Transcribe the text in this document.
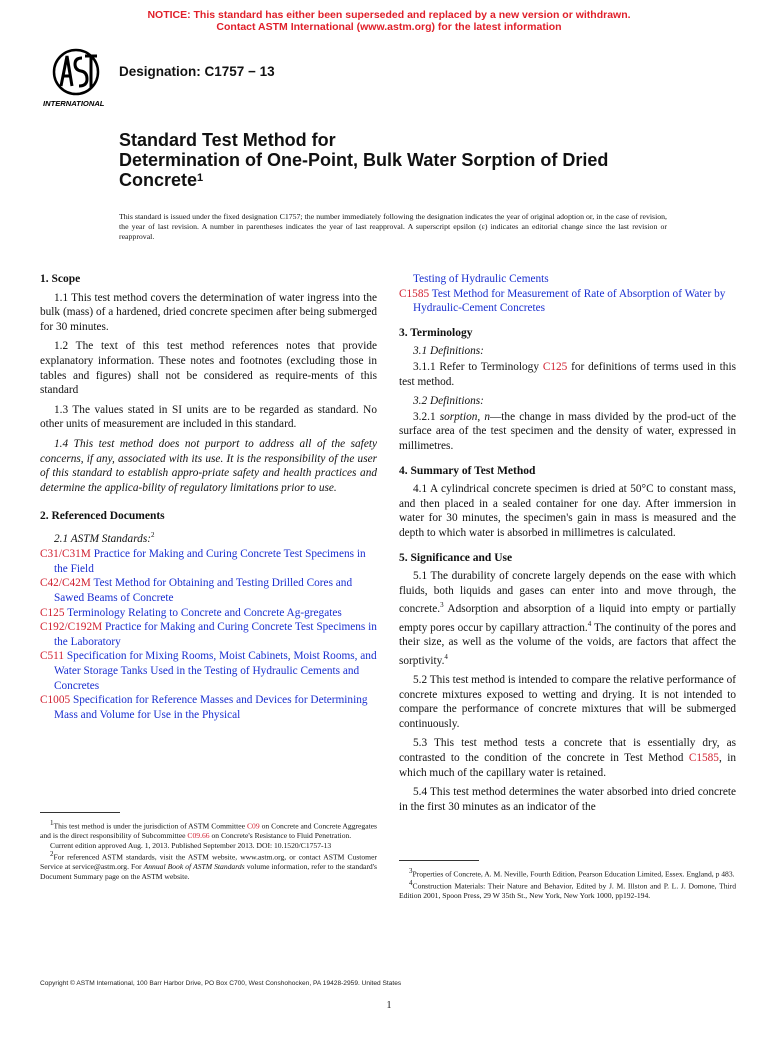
NOTICE: This standard has either been superseded and replaced by a new version or withdrawn.
Contact ASTM International (www.astm.org) for the latest information
INTERNATIONAL
Designation: C1757 − 13
Standard Test Method for
Determination of One-Point, Bulk Water Sorption of Dried
Concrete$^1$
This standard is issued under the fixed designation C1757; the number immediately following the designation indicates the year of original adoption or, in the case of revision, the year of last revision. A number in parentheses indicates the year of last reapproval. A superscript epsilon (ε) indicates an editorial change since the last revision or reapproval.
1. Scope

1.1 This test method covers the determination of water ingress into the bulk (mass) of a hardened, dried concrete specimen after being submerged for 30 minutes.

1.2 The text of this test method references notes that provide explanatory information. These notes and footnotes (excluding those in tables and figures) shall not be considered as require-ments of this standard

1.3 The values stated in SI units are to be regarded as standard. No other units of measurement are included in this standard.

1.4 This test method does not purport to address all of the safety concerns, if any, associated with its use. It is the responsibility of the user of this standard to establish appro-priate safety and health practices and determine the applica-bility of regulatory limitations prior to use.

2. Referenced Documents
2.1 ASTM Standards:$^2$
C31/C31M Practice for Making and Curing Concrete Test Specimens in the Field
C42/C42M Test Method for Obtaining and Testing Drilled Cores and Sawed Beams of Concrete
C125 Terminology Relating to Concrete and Concrete Ag-gregates
C192/C192M Practice for Making and Curing Concrete Test Specimens in the Laboratory
C511 Specification for Mixing Rooms, Moist Cabinets, Moist Rooms, and Water Storage Tanks Used in the Testing of Hydraulic Cements and Concretes
C1005 Specification for Reference Masses and Devices for Determining Mass and Volume for Use in the Physical

$^1$This test method is under the jurisdiction of ASTM Committee C09 on Concrete and Concrete Aggregates and is the direct responsibility of Subcommittee C09.66 on Concrete's Resistance to Fluid Penetration.

Current edition approved Aug. 1, 2013. Published September 2013. DOI: 10.1520/C1757-13

$^2$For referenced ASTM standards, visit the ASTM website, www.astm.org, or contact ASTM Customer Service at service@astm.org. For Annual Book of ASTM Standards volume information, refer to the standard's Document Summary page on the ASTM website.

Testing of Hydraulic Cements
C1585 Test Method for Measurement of Rate of Absorption of Water by Hydraulic-Cement Concretes
3. Terminology
3.1 Definitions:

3.1.1 Refer to Terminology C125 for definitions of terms used in this test method.

3.2 Definitions:

3.2.1 sorption, n—the change in mass divided by the prod-uct of the surface area of the test specimen and the density of water, expressed in millimetres.

4. Summary of Test Method

4.1 A cylindrical concrete specimen is dried at 50°C to constant mass, and then placed in a sealed container for one day. After immersion in water for 30 minutes, the specimen's gain in mass is measured and the depth to which water is absorbed in millimetres is calculated.

5. Significance and Use

5.1 The durability of concrete largely depends on the ease with which fluids, both liquids and gases can enter into and move through, the concrete.$^3$ Adsorption and absorption of a liquid into empty or partially empty pores occur by capillary attraction.$^4$ The continuity of the pores and their size, as well as the volume of the voids, are factors that affect the sorptivity.$^4$

5.2 This test method is intended to compare the relative performance of concrete mixtures exposed to wetting and drying. It is not intended to compare the performance of concrete mixtures that will be submerged continuously.

5.3 This test method tests a concrete that is essentially dry, as contrasted to the condition of the concrete in Test Method C1585, in which much of the capillary water is retained.

5.4 This test method determines the water absorbed into dried concrete in the first 30 minutes as an indicator of the

$^3$Properties of Concrete, A. M. Neville, Fourth Edition, Pearson Education Limited, Essex. England, p 483.

$^4$Construction Materials: Their Nature and Behavior, Edited by J. M. Illston and P. L. J. Domone, Third Edition 2001, Spoon Press, 29 W 35th St., New York, New York 1000, pp192-194.

Copyright © ASTM International, 100 Barr Harbor Drive, PO Box C700, West Conshohocken, PA 19428-2959. United States
1
